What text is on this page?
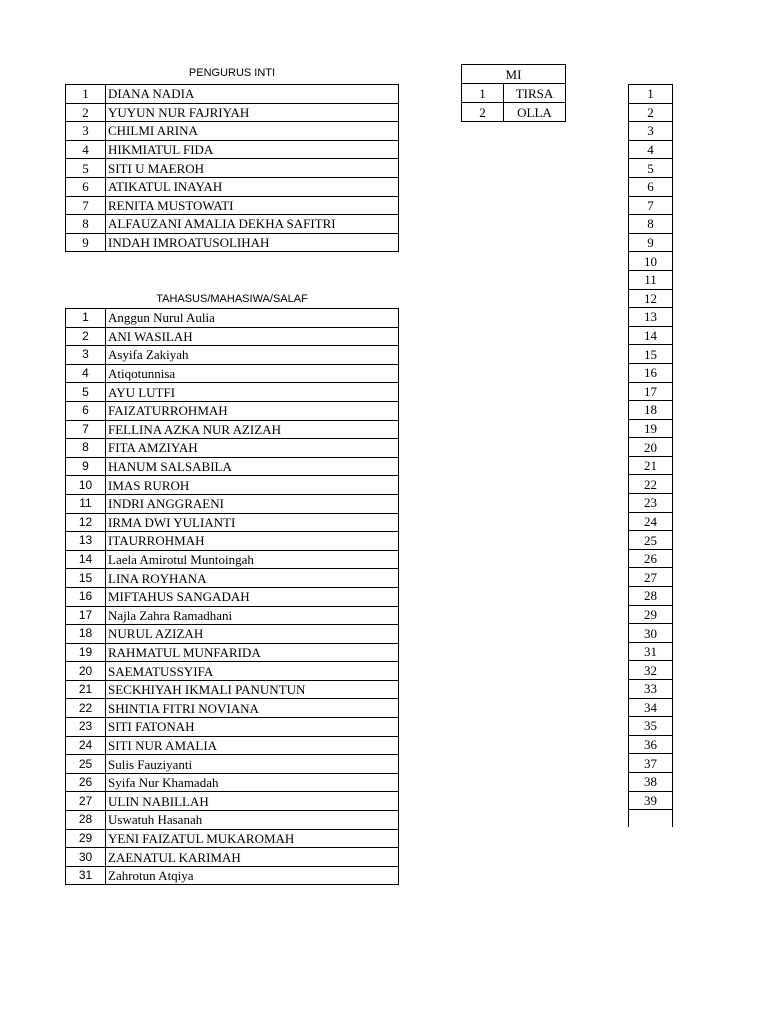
PENGURUS INTI
1	DIANA NADIA
2	YUYUN NUR FAJRIYAH
3	CHILMI ARINA
4	HIKMIATUL FIDA
5	SITI U MAEROH
6	ATIKATUL INAYAH
7	RENITA MUSTOWATI
8	ALFAUZANI AMALIA DEKHA SAFITRI
9	INDAH IMROATUSOLIHAH
MI	
1	TIRSA
2	OLLA
TAHASUS/MAHASIWA/SALAF
1	Anggun Nurul Aulia
2	ANI WASILAH
3	Asyifa Zakiyah
4	Atiqotunnisa
5	AYU LUTFI
6	FAIZATURROHMAH
7	FELLINA AZKA NUR AZIZAH
8	FITA AMZIYAH
9	HANUM SALSABILA
10	IMAS RUROH
11	INDRI ANGGRAENI
12	IRMA DWI YULIANTI
13	ITAURROHMAH
14	Laela Amirotul Muntoingah
15	LINA ROYHANA
16	MIFTAHUS SANGADAH
17	Najla Zahra Ramadhani
18	NURUL AZIZAH
19	RAHMATUL MUNFARIDA
20	SAEMATUSSYIFA
21	SECKHIYAH IKMALI PANUNTUN
22	SHINTIA FITRI NOVIANA
23	SITI FATONAH
24	SITI NUR AMALIA
25	Sulis Fauziyanti
26	Syifa Nur Khamadah
27	ULIN NABILLAH
28	Uswatuh Hasanah
29	YENI FAIZATUL MUKAROMAH
30	ZAENATUL KARIMAH
31	Zahrotun Atqiya
1
2
3
4
5
6
7
8
9
10
11
12
13
14
15
16
17
18
19
20
21
22
23
24
25
26
27
28
29
30
31
32
33
34
35
36
37
38
39
